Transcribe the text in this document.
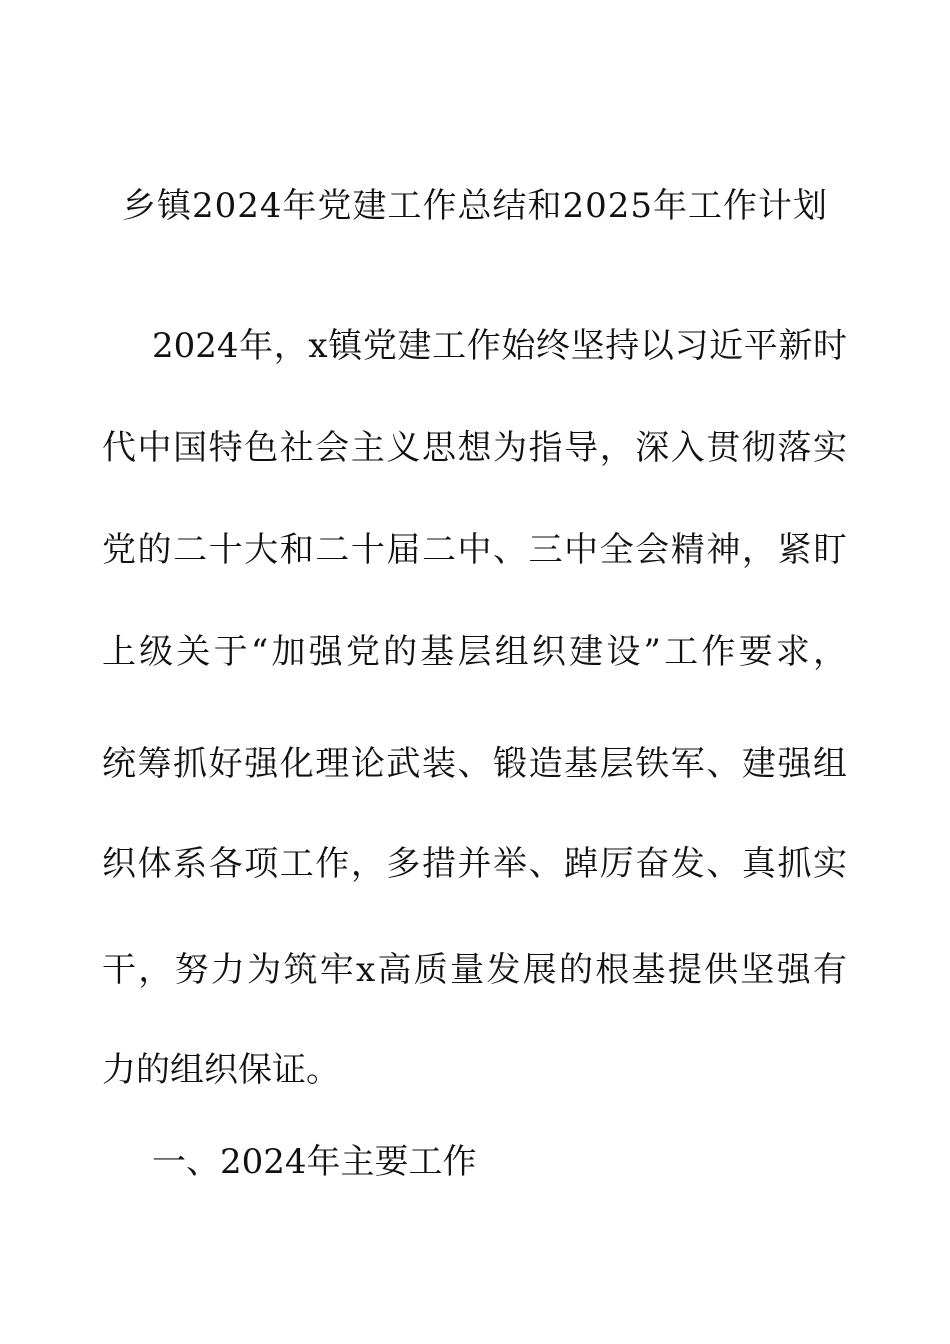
乡镇2024年党建工作总结和2025年工作计划
2024年，x镇党建工作始终坚持以习近平新时
代中国特色社会主义思想为指导，深入贯彻落实
党的二十大和二十届二中、三中全会精神，紧盯
上级关于“加强党的基层组织建设”工作要求，
统筹抓好强化理论武装、锻造基层铁军、建强组
织体系各项工作，多措并举、踔厉奋发、真抓实
干，努力为筑牢x高质量发展的根基提供坚强有
力的组织保证。
一、2024年主要工作
